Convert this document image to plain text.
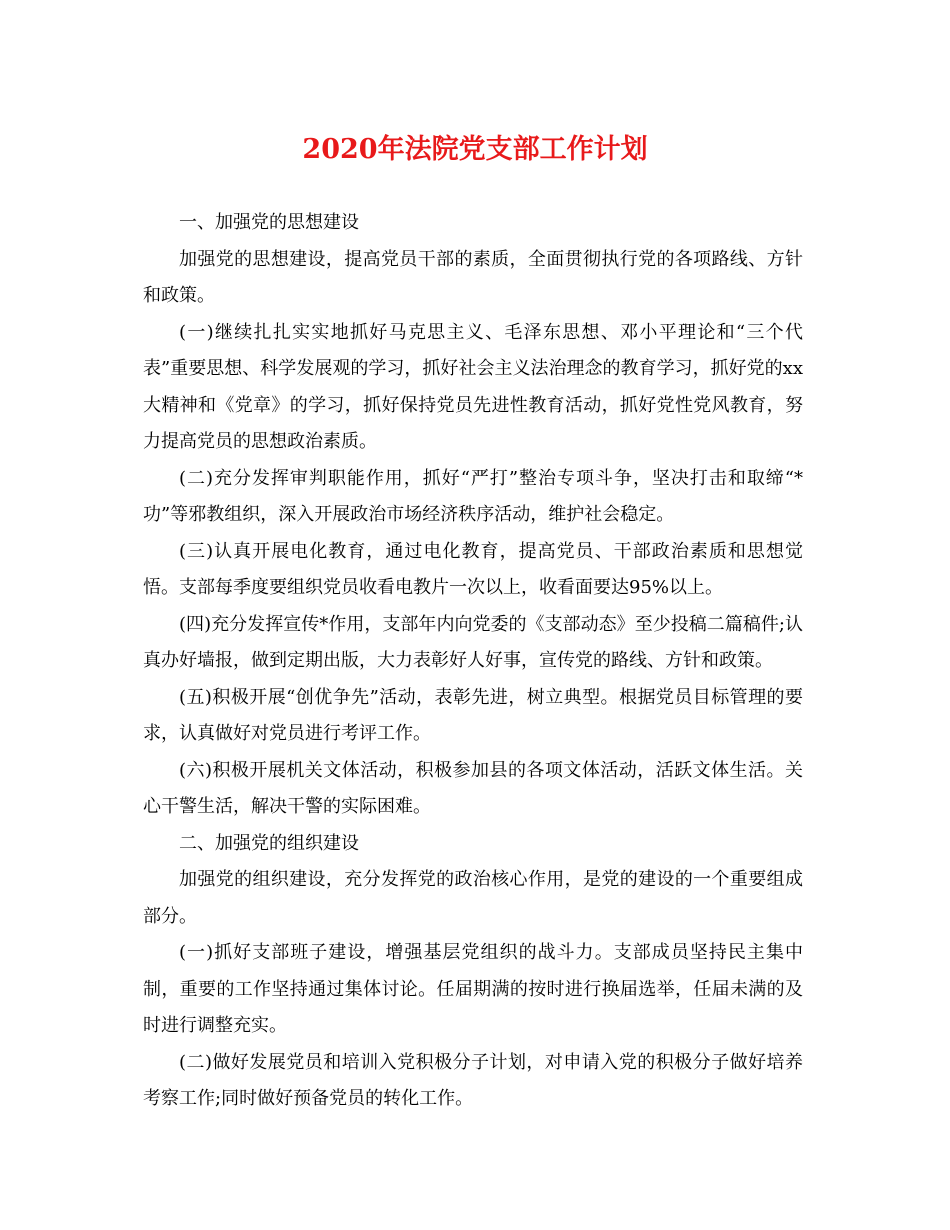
2020年法院党支部工作计划

一、加强党的思想建设

加强党的思想建设，提高党员干部的素质，全面贯彻执行党的各项路线、方针和政策。

(一)继续扎扎实实地抓好马克思主义、毛泽东思想、邓小平理论和“三个代表”重要思想、科学发展观的学习，抓好社会主义法治理念的教育学习，抓好党的xx大精神和《党章》的学习，抓好保持党员先进性教育活动，抓好党性党风教育，努力提高党员的思想政治素质。

(二)充分发挥审判职能作用，抓好“严打”整治专项斗争，坚决打击和取缔“*功”等邪教组织，深入开展政治市场经济秩序活动，维护社会稳定。

(三)认真开展电化教育，通过电化教育，提高党员、干部政治素质和思想觉悟。支部每季度要组织党员收看电教片一次以上，收看面要达95%以上。

(四)充分发挥宣传*作用，支部年内向党委的《支部动态》至少投稿二篇稿件;认真办好墙报，做到定期出版，大力表彰好人好事，宣传党的路线、方针和政策。

(五)积极开展“创优争先”活动，表彰先进，树立典型。根据党员目标管理的要求，认真做好对党员进行考评工作。

(六)积极开展机关文体活动，积极参加县的各项文体活动，活跃文体生活。关心干警生活，解决干警的实际困难。

二、加强党的组织建设

加强党的组织建设，充分发挥党的政治核心作用，是党的建设的一个重要组成部分。

(一)抓好支部班子建设，增强基层党组织的战斗力。支部成员坚持民主集中制，重要的工作坚持通过集体讨论。任届期满的按时进行换届选举，任届未满的及时进行调整充实。

(二)做好发展党员和培训入党积极分子计划，对申请入党的积极分子做好培养考察工作;同时做好预备党员的转化工作。
